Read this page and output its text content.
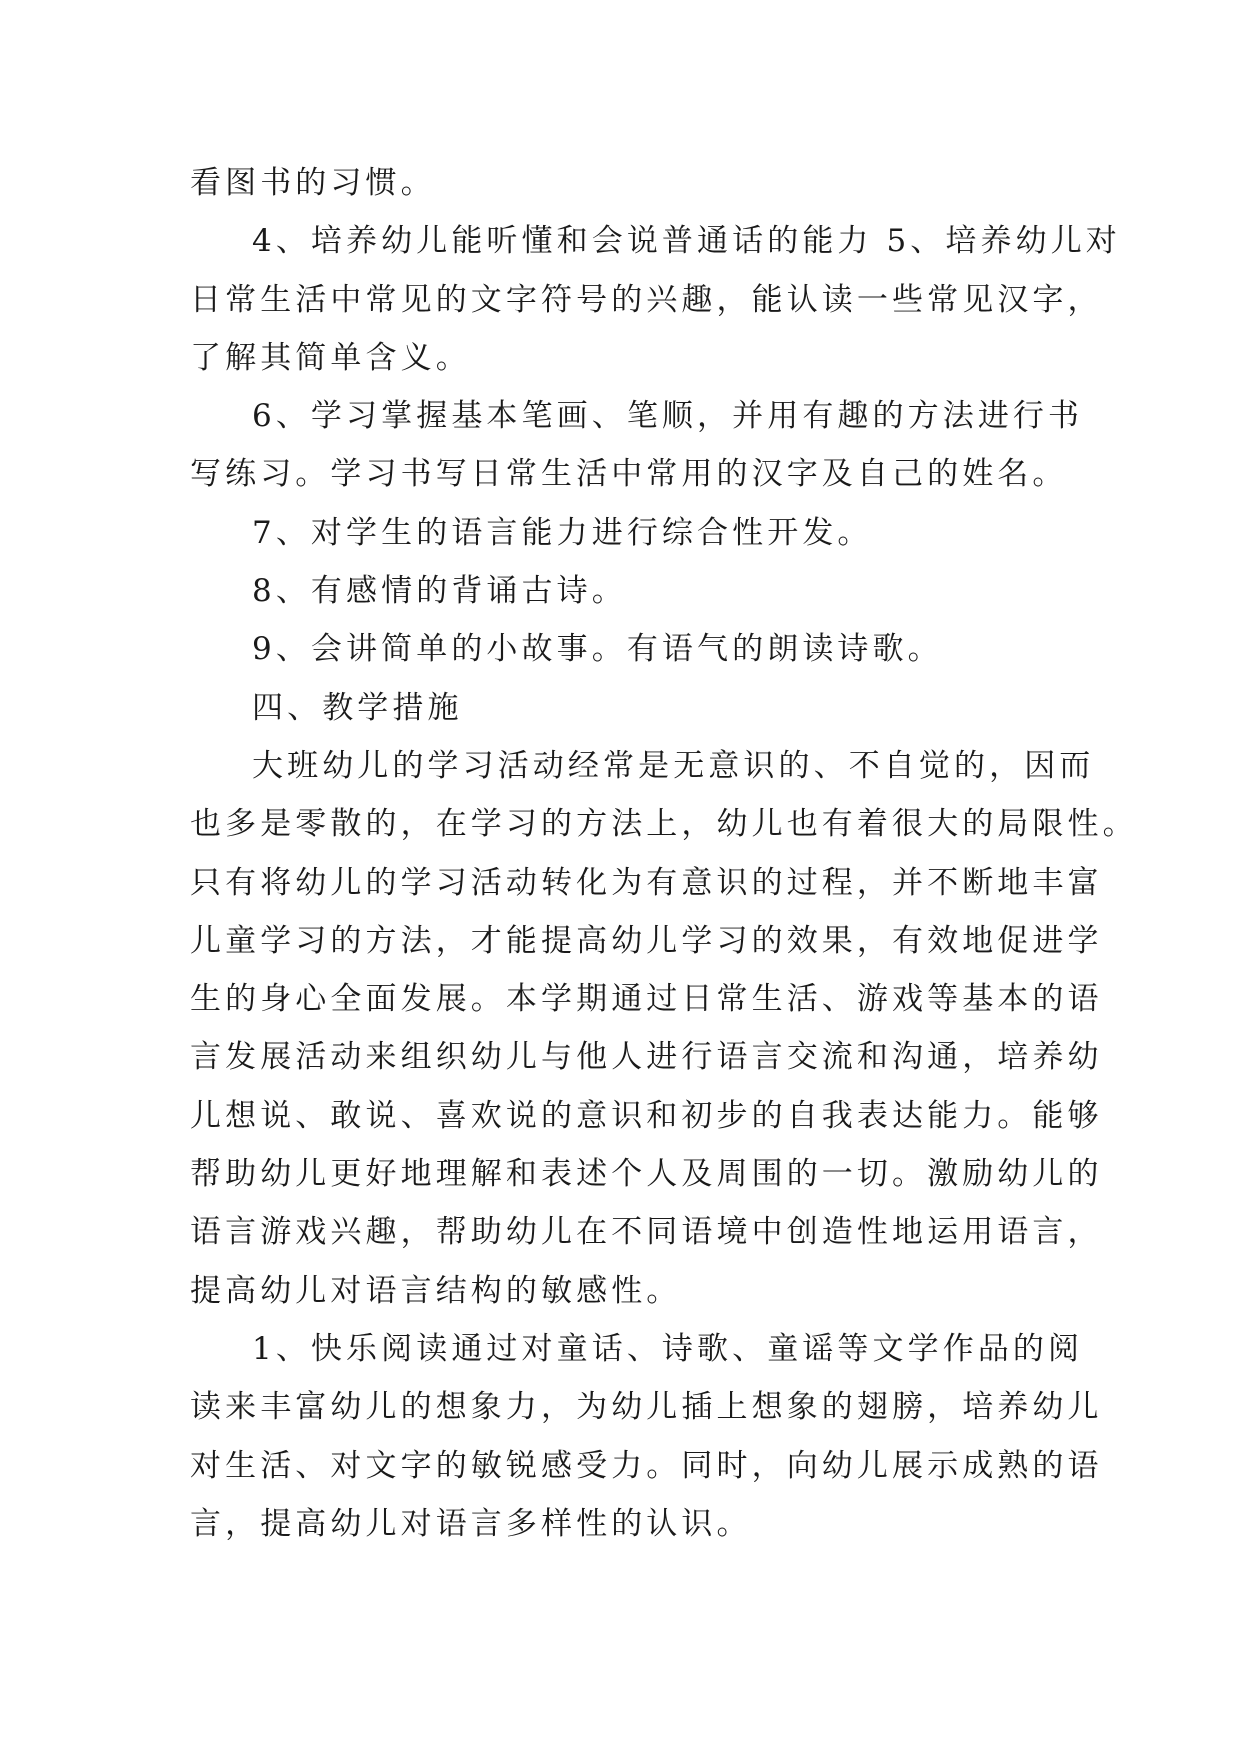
看图书的习惯。

4、培养幼儿能听懂和会说普通话的能力 5、培养幼儿对
日常生活中常见的文字符号的兴趣，能认读一些常见汉字，
了解其简单含义。

6、学习掌握基本笔画、笔顺，并用有趣的方法进行书
写练习。学习书写日常生活中常用的汉字及自己的姓名。

7、对学生的语言能力进行综合性开发。

8、有感情的背诵古诗。

9、会讲简单的小故事。有语气的朗读诗歌。

四、教学措施

大班幼儿的学习活动经常是无意识的、不自觉的，因而
也多是零散的，在学习的方法上，幼儿也有着很大的局限性。
只有将幼儿的学习活动转化为有意识的过程，并不断地丰富
儿童学习的方法，才能提高幼儿学习的效果，有效地促进学
生的身心全面发展。本学期通过日常生活、游戏等基本的语
言发展活动来组织幼儿与他人进行语言交流和沟通，培养幼
儿想说、敢说、喜欢说的意识和初步的自我表达能力。能够
帮助幼儿更好地理解和表述个人及周围的一切。激励幼儿的
语言游戏兴趣，帮助幼儿在不同语境中创造性地运用语言，
提高幼儿对语言结构的敏感性。

1、快乐阅读通过对童话、诗歌、童谣等文学作品的阅
读来丰富幼儿的想象力，为幼儿插上想象的翅膀，培养幼儿
对生活、对文字的敏锐感受力。同时，向幼儿展示成熟的语
言，提高幼儿对语言多样性的认识。
